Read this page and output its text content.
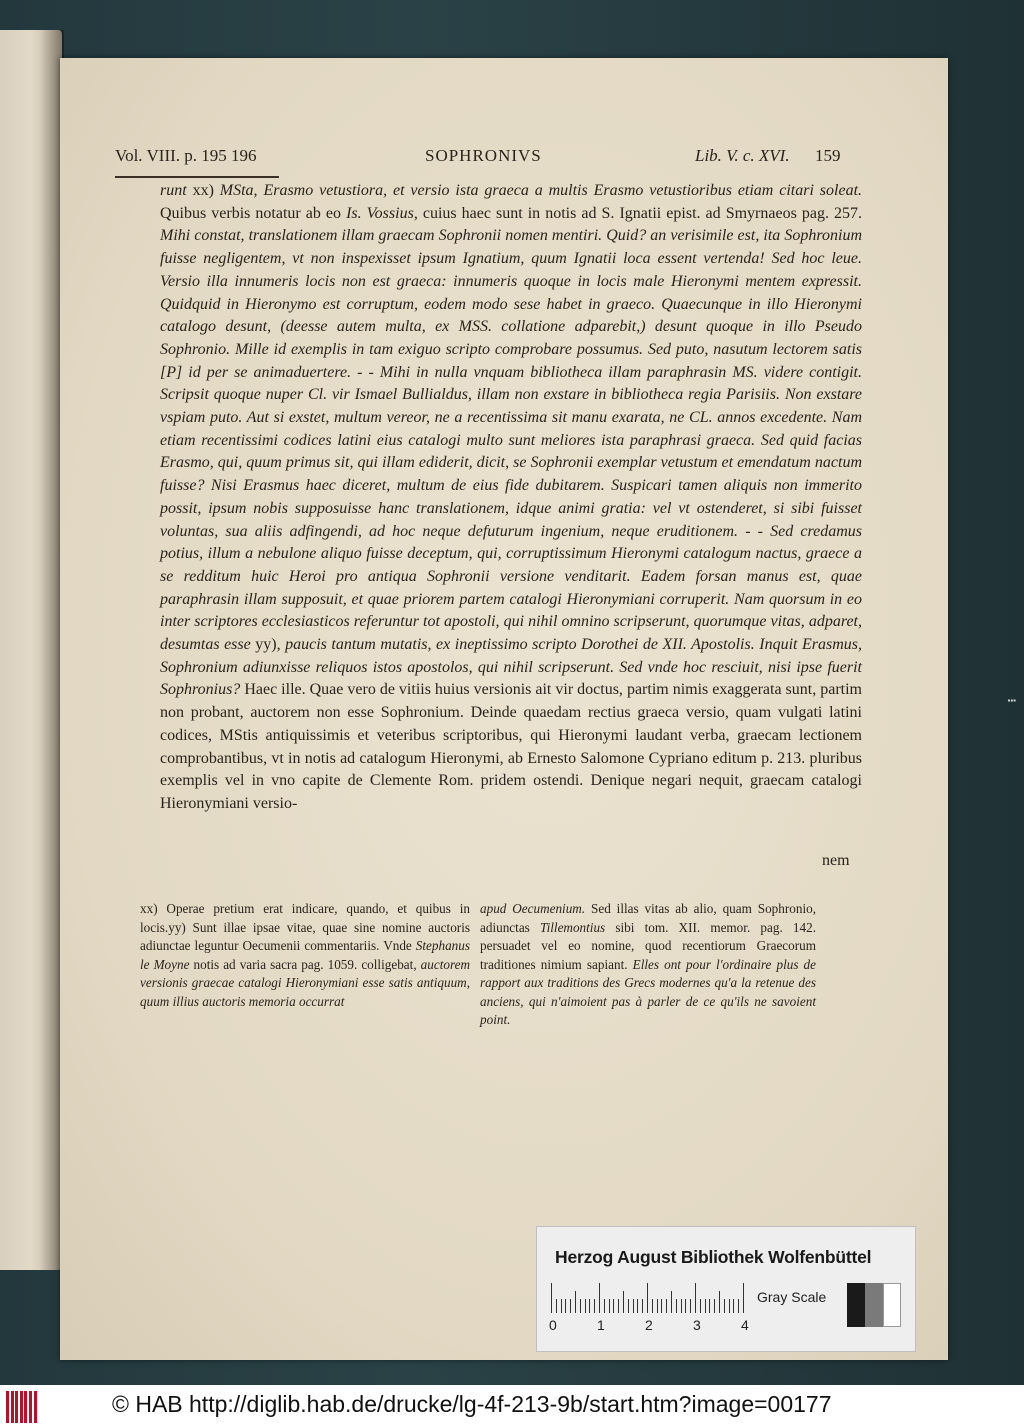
Vol. VIII. p. 195 196	SOPHRONIVS	Lib. V. c. XVI. 159
runt xx) MSta, Erasmo vetustiora, et versio ista graeca a multis Erasmo vetustioribus etiam citari soleat. Quibus verbis notatur ab eo Is. Vossius, cuius haec sunt in notis ad S. Ignatii epist. ad Smyrnaeos pag. 257. Mihi constat, translationem illam graecam Sophronii nomen mentiri. Quid? an verisimile est, ita Sophronium fuisse negligentem, vt non inspexisset ipsum Ignatium, quum Ignatii loca essent vertenda! Sed hoc leue. Versio illa innumeris locis non est graeca: innumeris quoque in locis male Hieronymi mentem expressit. Quidquid in Hieronymo est corruptum, eodem modo sese habet in graeco. Quaecunque in illo Hieronymi catalogo desunt, (deesse autem multa, ex MSS. collatione adparebit,) desunt quoque in illo Pseudo Sophronio. Mille id exemplis in tam exiguo scripto comprobare possumus. Sed puto, nasutum lectorem satis [P] id per se animaduertere. - - Mihi in nulla vnquam bibliotheca illam paraphrasin MS. videre contigit. Scripsit quoque nuper Cl. vir Ismael Bullialdus, illam non exstare in bibliotheca regia Parisiis. Non exstare vspiam puto. Aut si exstet, multum vereor, ne a recentissima sit manu exarata, ne CL. annos excedente. Nam etiam recentissimi codices latini eius catalogi multo sunt meliores ista paraphrasi graeca. Sed quid facias Erasmo, qui, quum primus sit, qui illam ediderit, dicit, se Sophronii exemplar vetustum et emendatum nactum fuisse? Nisi Erasmus haec diceret, multum de eius fide dubitarem. Suspicari tamen aliquis non immerito possit, ipsum nobis supposuisse hanc translationem, idque animi gratia: vel vt ostenderet, si sibi fuisset voluntas, sua aliis adfingendi, ad hoc neque defuturum ingenium, neque eruditionem. - - Sed credamus potius, illum a nebulone aliquo fuisse deceptum, qui, corruptissimum Hieronymi catalogum nactus, graece a se redditum huic Heroi pro antiqua Sophronii versione venditarit. Eadem forsan manus est, quae paraphrasin illam supposuit, et quae priorem partem catalogi Hieronymiani corruperit. Nam quorsum in eo inter scriptores ecclesiasticos referuntur tot apostoli, qui nihil omnino scripserunt, quorumque vitas, adparet, desumtas esse yy), paucis tantum mutatis, ex ineptissimo scripto Dorothei de XII. Apostolis. Inquit Erasmus, Sophronium adiunxisse reliquos istos apostolos, qui nihil scripserunt. Sed vnde hoc resciuit, nisi ipse fuerit Sophronius? Haec ille. Quae vero de vitiis huius versionis ait vir doctus, partim nimis exaggerata sunt, partim non probant, auctorem non esse Sophronium. Deinde quaedam rectius graeca versio, quam vulgati latini codices, MStis antiquissimis et veteribus scriptoribus, qui Hieronymi laudant verba, graecam lectionem comprobantibus, vt in notis ad catalogum Hieronymi, ab Ernesto Salomone Cypriano editum p. 213. pluribus exemplis vel in vno capite de Clemente Rom. pridem ostendi. Denique negari nequit, graecam catalogi Hieronymiani versio-
nem
xx) Operae pretium erat indicare, quando, et quibus in locis.yy) Sunt illae ipsae vitae, quae sine nomine auctoris adiunctae leguntur Oecumenii commentariis. Vnde Stephanus le Moyne notis ad varia sacra pag. 1059. colligebat, auctorem versionis graecae catalogi Hieronymiani esse satis antiquum, quum illius auctoris memoria occurrat
apud Oecumenium. Sed illas vitas ab alio, quam Sophronio, adiunctas Tillemontius sibi tom. XII. memor. pag. 142. persuadet vel eo nomine, quod recentiorum Graecorum traditiones nimium sapiant. Elles ont pour l'ordinaire plus de rapport aux traditions des Grecs modernes qu'a la retenue des anciens, qui n'aimoient pas à parler de ce qu'ils ne savoient point.
▪▪▪
Herzog August Bibliothek Wolfenbüttel
0	1	2	3	4
Gray Scale
© HAB http://diglib.hab.de/drucke/lg-4f-213-9b/start.htm?image=00177
